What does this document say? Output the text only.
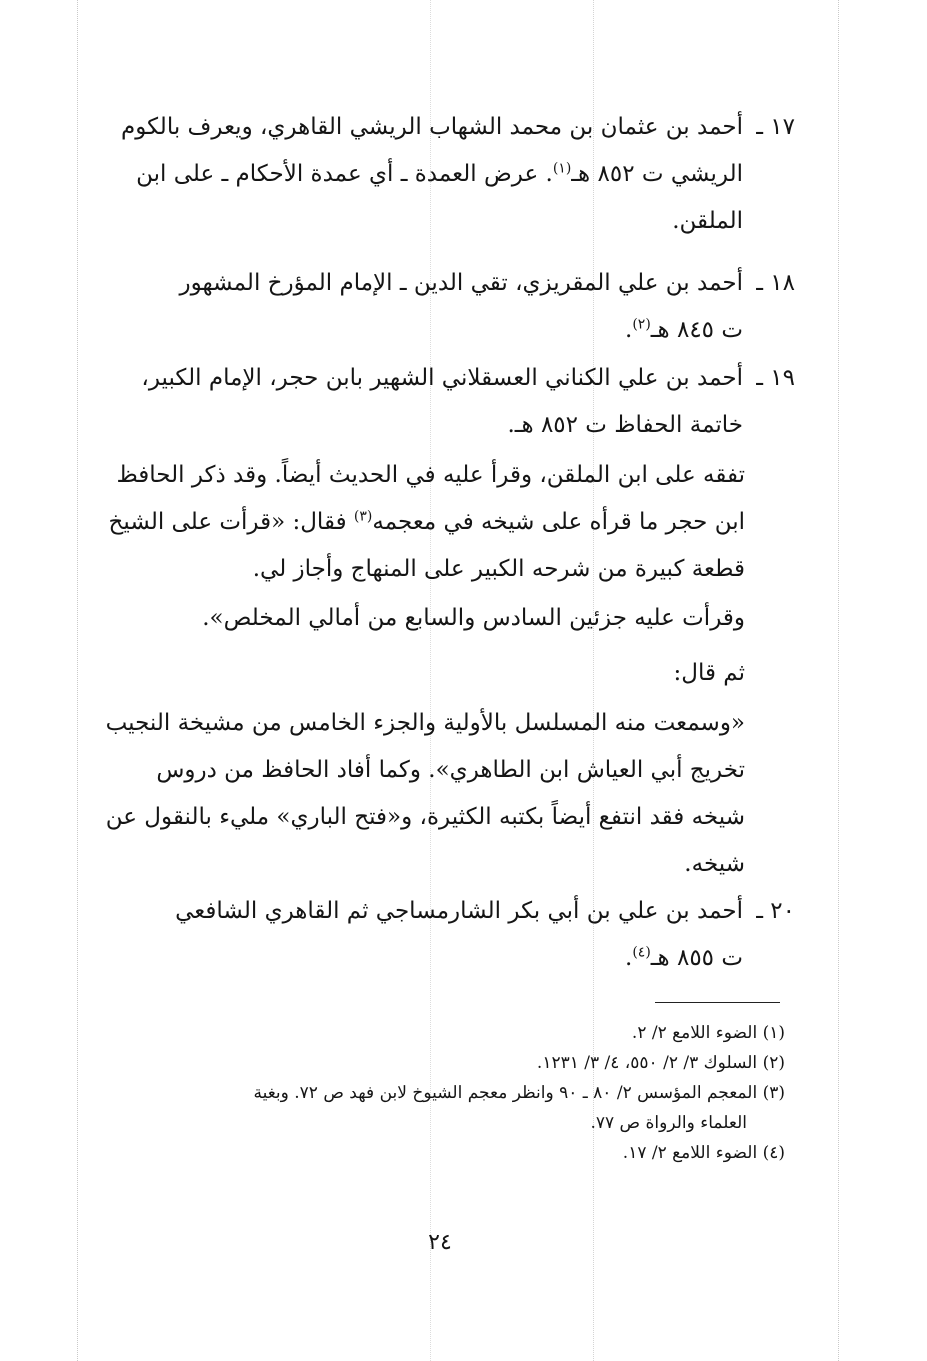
١٧ ـ
أحمد بن عثمان بن محمد الشهاب الريشي القاهري، ويعرف بالكوم
الريشي ت ٨٥٢ هـ$^{(١)}$. عرض العمدة ـ أي عمدة الأحكام ـ على ابن
الملقن.
١٨ ـ
أحمد بن علي المقريزي، تقي الدين ـ الإمام المؤرخ المشهور
ت ٨٤٥ هـ$^{(٢)}$.
١٩ ـ
أحمد بن علي الكناني العسقلاني الشهير بابن حجر، الإمام الكبير،
خاتمة الحفاظ ت ٨٥٢ هـ.
تفقه على ابن الملقن، وقرأ عليه في الحديث أيضاً. وقد ذكر الحافظ
ابن حجر ما قرأه على شيخه في معجمه$^{(٣)}$ فقال: «قرأت على الشيخ
قطعة كبيرة من شرحه الكبير على المنهاج وأجاز لي.
وقرأت عليه جزئين السادس والسابع من أمالي المخلص».
ثم قال:
«وسمعت منه المسلسل بالأولية والجزء الخامس من مشيخة النجيب
تخريج أبي العياش ابن الطاهري». وكما أفاد الحافظ من دروس
شيخه فقد انتفع أيضاً بكتبه الكثيرة، و«فتح الباري» مليء بالنقول عن
شيخه.
٢٠ ـ
أحمد بن علي بن أبي بكر الشارمساجي ثم القاهري الشافعي
ت ٨٥٥ هـ$^{(٤)}$.
(١) الضوء اللامع ٢/ ٢.
(٢) السلوك ٣/ ٢/ ٥٥٠، ٤/ ٣/ ١٢٣١.
(٣) المعجم المؤسس ٢/ ٨٠ ـ ٩٠ وانظر معجم الشيوخ لابن فهد ص ٧٢. وبغية
العلماء والرواة ص ٧٧.
(٤) الضوء اللامع ٢/ ١٧.
٢٤
